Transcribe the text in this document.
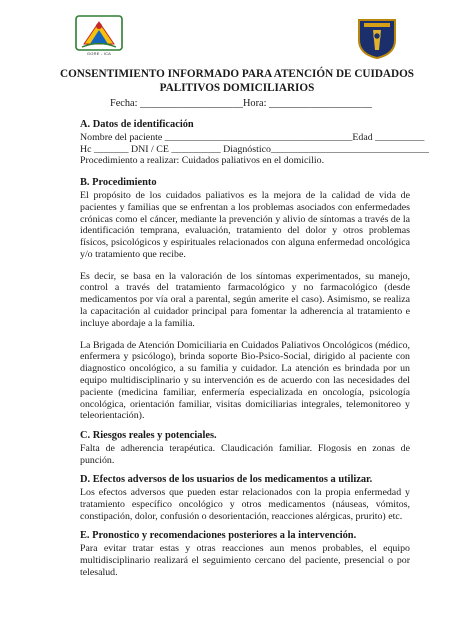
GORE - ICA
CONSENTIMIENTO INFORMADO PARA ATENCIÓN DE CUIDADOS PALITIVOS DOMICILIARIOS
Fecha: ____________________ Hora: ____________________

A. Datos de identificación

Nombre del paciente ______________________________________Edad __________

Hc _______ DNI / CE __________ Diagnóstico________________________________

Procedimiento a realizar: Cuidados paliativos en el domicilio.

B. Procedimiento

El propósito de los cuidados paliativos es la mejora de la calidad de vida de pacientes y familias que se enfrentan a los problemas asociados con enfermedades crónicas como el cáncer, mediante la prevención y alivio de síntomas a través de la identificación temprana, evaluación, tratamiento del dolor y otros problemas físicos, psicológicos y espirituales relacionados con alguna enfermedad oncológica y/o tratamiento que recibe.

Es decir, se basa en la valoración de los síntomas experimentados, su manejo, control a través del tratamiento farmacológico y no farmacológico (desde medicamentos por vía oral a parental, según amerite el caso). Asimismo, se realiza la capacitación al cuidador principal para fomentar la adherencia al tratamiento e incluye abordaje a la familia.

La Brigada de Atención Domiciliaria en Cuidados Paliativos Oncológicos (médico, enfermera y psicólogo), brinda soporte Bio-Psico-Social, dirigido al paciente con diagnostico oncológico, a su familia y cuidador. La atención es brindada por un equipo multidisciplinario y su intervención es de acuerdo con las necesidades del paciente (medicina familiar, enfermería especializada en oncología, psicología oncológica, orientación familiar, visitas domiciliarias integrales, telemonitoreo y teleorientación).

C. Riesgos reales y potenciales.

Falta de adherencia terapéutica. Claudicación familiar. Flogosis en zonas de punción.

D. Efectos adversos de los usuarios de los medicamentos a utilizar.

Los efectos adversos que pueden estar relacionados con la propia enfermedad y tratamiento específico oncológico y otros medicamentos (náuseas, vómitos, constipación, dolor, confusión o desorientación, reacciones alérgicas, prurito) etc.

E. Pronostico y recomendaciones posteriores a la intervención.

Para evitar tratar estas y otras reacciones aun menos probables, el equipo multidisciplinario realizará el seguimiento cercano del paciente, presencial o por telesalud.
